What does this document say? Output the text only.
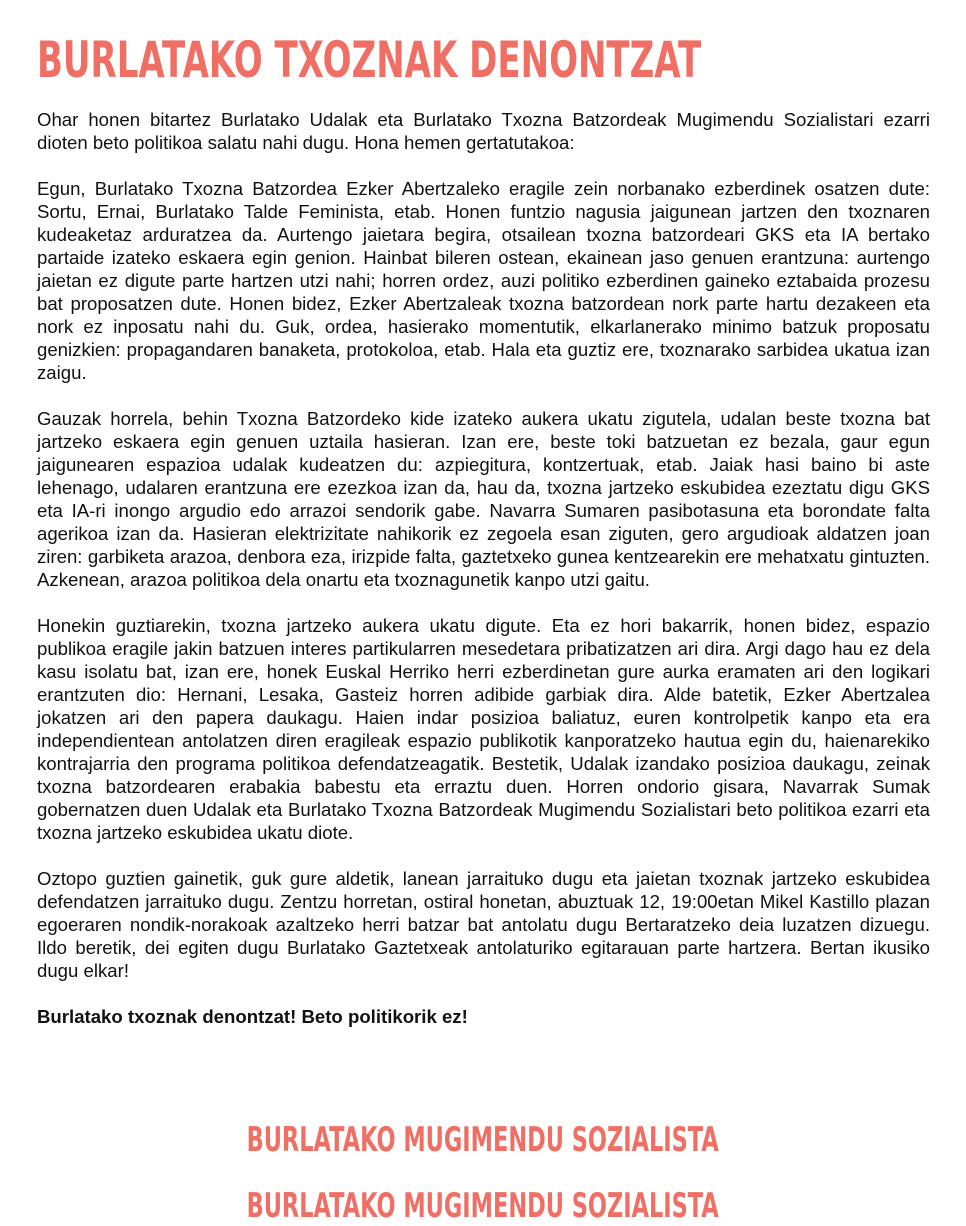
BURLATAKO TXOZNAK DENONTZAT

Ohar honen bitartez Burlatako Udalak eta Burlatako Txozna Batzordeak Mugimendu Sozialistari ezarri dioten beto politikoa salatu nahi dugu. Hona hemen gertatutakoa:

Egun, Burlatako Txozna Batzordea Ezker Abertzaleko eragile zein norbanako ezberdinek osatzen dute: Sortu, Ernai, Burlatako Talde Feminista, etab. Honen funtzio nagusia jaigunean jartzen den txoznaren kudeaketaz arduratzea da. Aurtengo jaietara begira, otsailean txozna batzordeari GKS eta IA bertako partaide izateko eskaera egin genion. Hainbat bileren ostean, ekainean jaso genuen erantzuna: aurtengo jaietan ez digute parte hartzen utzi nahi; horren ordez, auzi politiko ezberdinen gaineko eztabaida prozesu bat proposatzen dute. Honen bidez, Ezker Abertzaleak txozna batzordean nork parte hartu dezakeen eta nork ez inposatu nahi du. Guk, ordea, hasierako momentutik, elkarlanerako minimo batzuk proposatu genizkien: propagandaren banaketa, protokoloa, etab. Hala eta guztiz ere, txoznarako sarbidea ukatua izan zaigu.

Gauzak horrela, behin Txozna Batzordeko kide izateko aukera ukatu zigutela, udalan beste txozna bat jartzeko eskaera egin genuen uztaila hasieran. Izan ere, beste toki batzuetan ez bezala, gaur egun jaigunearen espazioa udalak kudeatzen du: azpiegitura, kontzertuak, etab. Jaiak hasi baino bi aste lehenago, udalaren erantzuna ere ezezkoa izan da, hau da, txozna jartzeko eskubidea ezeztatu digu GKS eta IA-ri inongo argudio edo arrazoi sendorik gabe. Navarra Sumaren pasibotasuna eta borondate falta agerikoa izan da. Hasieran elektrizitate nahikorik ez zegoela esan ziguten, gero argudioak aldatzen joan ziren: garbiketa arazoa, denbora eza, irizpide falta, gaztetxeko gunea kentzearekin ere mehatxatu gintuzten. Azkenean, arazoa politikoa dela onartu eta txoznagunetik kanpo utzi gaitu.

Honekin guztiarekin, txozna jartzeko aukera ukatu digute. Eta ez hori bakarrik, honen bidez, espazio publikoa eragile jakin batzuen interes partikularren mesedetara pribatizatzen ari dira. Argi dago hau ez dela kasu isolatu bat, izan ere, honek Euskal Herriko herri ezberdinetan gure aurka eramaten ari den logikari erantzuten dio: Hernani, Lesaka, Gasteiz horren adibide garbiak dira. Alde batetik, Ezker Abertzalea jokatzen ari den papera daukagu. Haien indar posizioa baliatuz, euren kontrolpetik kanpo eta era independientean antolatzen diren eragileak espazio publikotik kanporatzeko hautua egin du, haienarekiko kontrajarria den programa politikoa defendatzeagatik. Bestetik, Udalak izandako posizioa daukagu, zeinak txozna batzordearen erabakia babestu eta erraztu duen. Horren ondorio gisara, Navarrak Sumak gobernatzen duen Udalak eta Burlatako Txozna Batzordeak Mugimendu Sozialistari beto politikoa ezarri eta txozna jartzeko eskubidea ukatu diote.

Oztopo guztien gainetik, guk gure aldetik, lanean jarraituko dugu eta jaietan txoznak jartzeko eskubidea defendatzen jarraituko dugu. Zentzu horretan, ostiral honetan, abuztuak 12, 19:00etan Mikel Kastillo plazan egoeraren nondik-norakoak azaltzeko herri batzar bat antolatu dugu Bertaratzeko deia luzatzen dizuegu. Ildo beretik, dei egiten dugu Burlatako Gaztetxeak antolaturiko egitarauan parte hartzera. Bertan ikusiko dugu elkar!

Burlatako txoznak denontzat! Beto politikorik ez!

BURLATAKO MUGIMENDU SOZIALISTA
BURLATAKO MUGIMENDU SOZIALISTA
